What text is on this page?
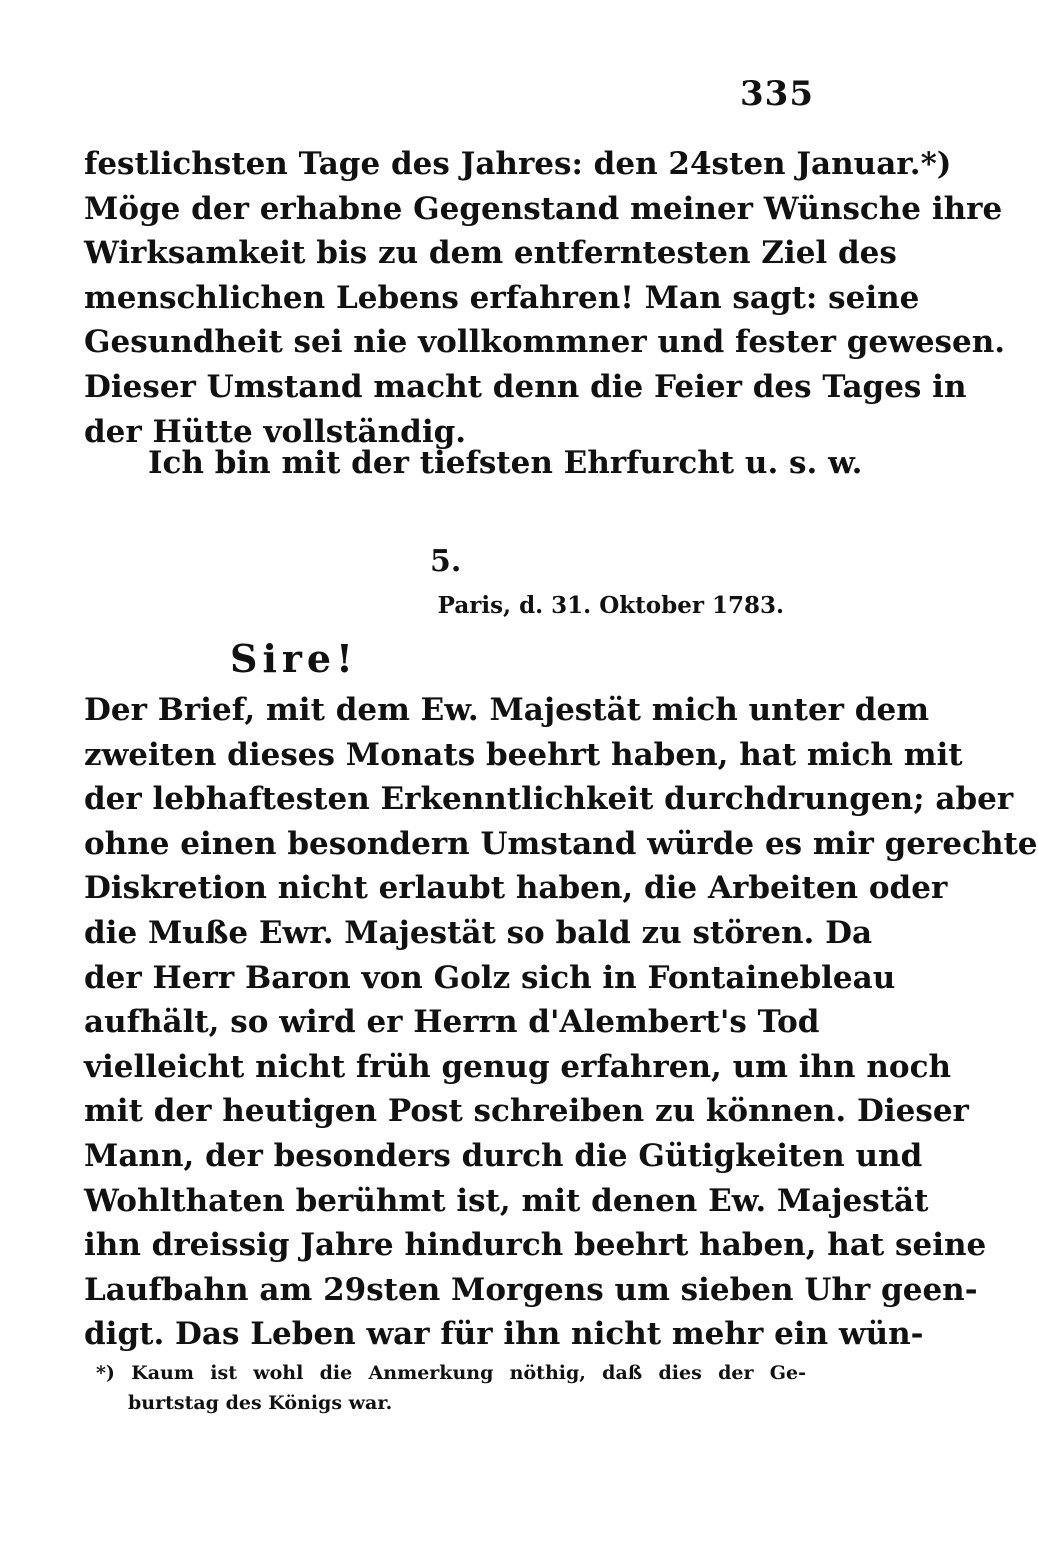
335
festlichsten Tage des Jahres: den 24sten Januar.*)
Möge der erhabne Gegenstand meiner Wünsche ihre
Wirksamkeit bis zu dem entferntesten Ziel des
menschlichen Lebens erfahren! Man sagt: seine
Gesundheit sei nie vollkommner und fester gewesen.
Dieser Umstand macht denn die Feier des Tages in
der Hütte vollständig.
Ich bin mit der tiefsten Ehrfurcht u. s. w.
5.
Paris, d. 31. Oktober 1783.
Sire!
Der Brief, mit dem Ew. Majestät mich unter dem
zweiten dieses Monats beehrt haben, hat mich mit
der lebhaftesten Erkenntlichkeit durchdrungen; aber
ohne einen besondern Umstand würde es mir gerechte
Diskretion nicht erlaubt haben, die Arbeiten oder
die Muße Ewr. Majestät so bald zu stören. Da
der Herr Baron von Golz sich in Fontainebleau
aufhält, so wird er Herrn d'Alembert's Tod
vielleicht nicht früh genug erfahren, um ihn noch
mit der heutigen Post schreiben zu können. Dieser
Mann, der besonders durch die Gütigkeiten und
Wohlthaten berühmt ist, mit denen Ew. Majestät
ihn dreissig Jahre hindurch beehrt haben, hat seine
Laufbahn am 29sten Morgens um sieben Uhr geen-
digt. Das Leben war für ihn nicht mehr ein wün-
*) Kaum ist wohl die Anmerkung nöthig, daß dies der Ge-
burtstag des Königs war.
